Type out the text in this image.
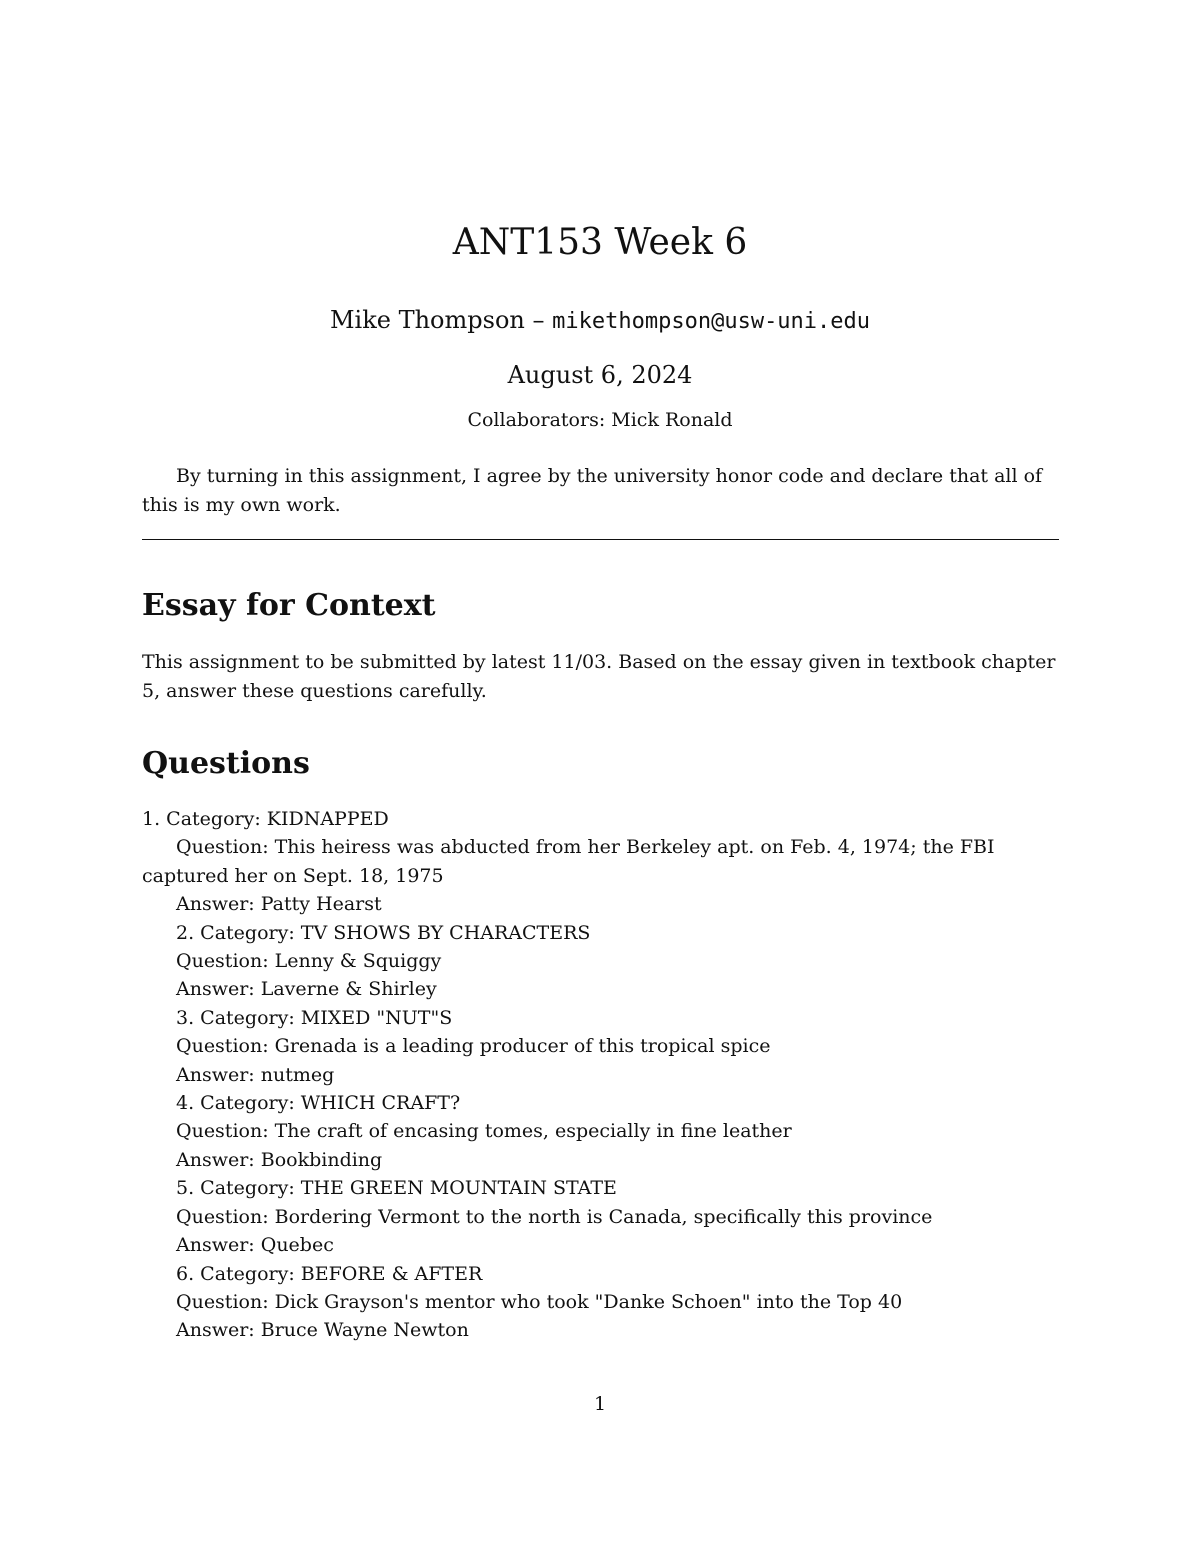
ANT153 Week 6
Mike Thompson – mikethompson@usw-uni.edu
August 6, 2024
Collaborators: Mick Ronald

By turning in this assignment, I agree by the university honor code and declare that all of this is my own work.

Essay for Context

This assignment to be submitted by latest 11/03. Based on the essay given in textbook chapter 5, answer these questions carefully.

Questions
1. Category: KIDNAPPED
Question: This heiress was abducted from her Berkeley apt. on Feb. 4, 1974; the FBI captured her on Sept. 18, 1975
Answer: Patty Hearst
2. Category: TV SHOWS BY CHARACTERS
Question: Lenny & Squiggy
Answer: Laverne & Shirley
3. Category: MIXED "NUT"S
Question: Grenada is a leading producer of this tropical spice
Answer: nutmeg
4. Category: WHICH CRAFT?
Question: The craft of encasing tomes, especially in fine leather
Answer: Bookbinding
5. Category: THE GREEN MOUNTAIN STATE
Question: Bordering Vermont to the north is Canada, specifically this province
Answer: Quebec
6. Category: BEFORE & AFTER
Question: Dick Grayson's mentor who took "Danke Schoen" into the Top 40
Answer: Bruce Wayne Newton
1
